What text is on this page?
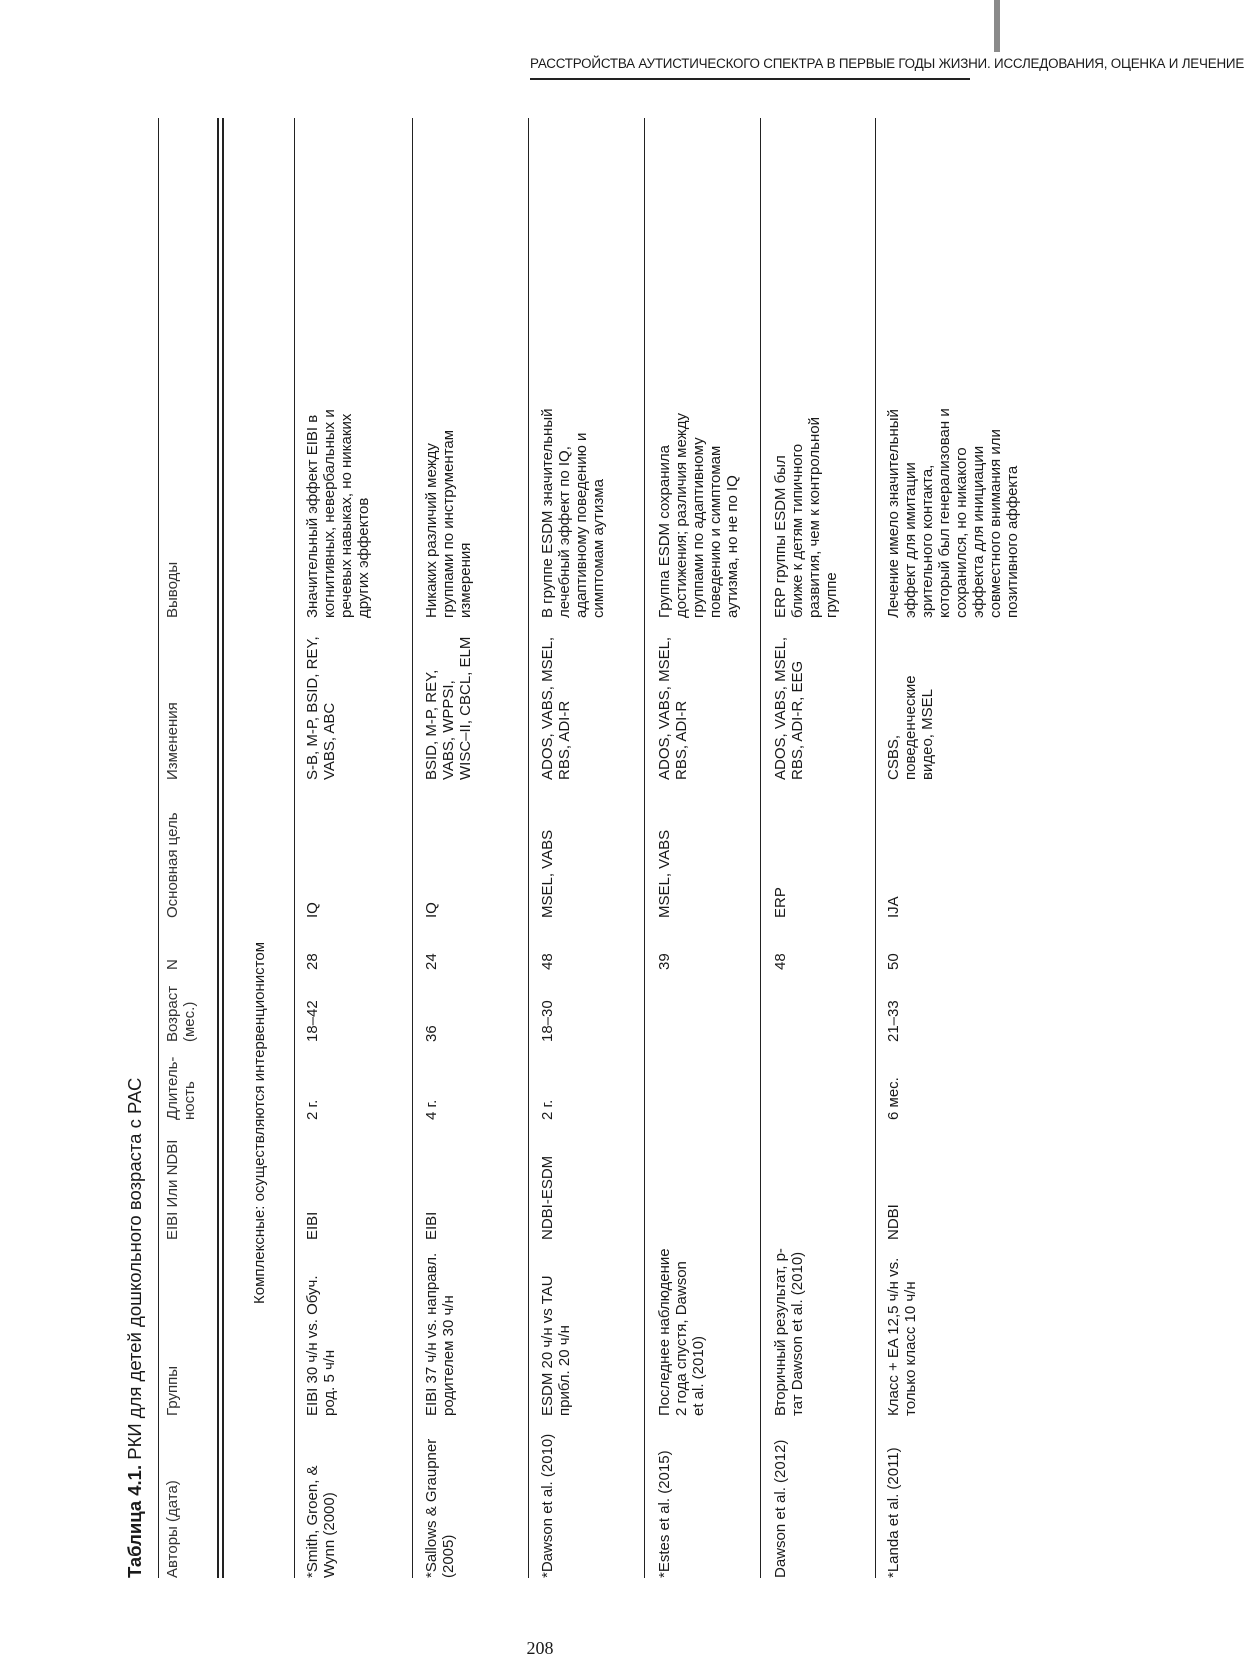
РАССТРОЙСТВА АУТИСТИЧЕСКОГО СПЕКТРА В ПЕРВЫЕ ГОДЫ ЖИЗНИ. ИССЛЕДОВАНИЯ, ОЦЕНКА И ЛЕЧЕНИЕ
Таблица 4.1. РКИ для детей дошкольного возраста с РАС
Авторы (дата)
Группы
EIBI Или NDBI
Длитель-ность
Возраст (мес.)
N
Основная цель
Изменения
Выводы
Комплексные: осуществляются интервенционистом
*Smith, Groen, & Wynn (2000)
EIBI 30 ч/н vs. Обуч. род. 5 ч/н
EIBI
2 г.
18–42
28
IQ
S-B, M-P, BSID, REY, VABS, ABC
Значительный эффект EIBI в когнитивных, невербальных и речевых навыках, но никаких других эффектов
*Sallows & Graupner (2005)
EIBI 37 ч/н vs. направл. родителем 30 ч/н
EIBI
4 г.
36
24
IQ
BSID, M-P, REY, VABS, WPPSI, WISC–II, CBCL, ELM
Никаких различий между группами по инструментам измерения
*Dawson et al. (2010)
ESDM 20 ч/н vs TAU прибл. 20 ч/н
NDBI-ESDM
2 г.
18–30
48
MSEL, VABS
ADOS, VABS, MSEL, RBS, ADI-R
В группе ESDM значительный лечебный эффект по IQ, адаптивному поведению и симптомам аутизма
*Estes et al. (2015)
Последнее наблюдение 2 года спустя, Dawson et al. (2010)
39
MSEL, VABS
ADOS, VABS, MSEL, RBS, ADI-R
Группа ESDM сохранила достижения; различия между группами по адаптивному поведению и симптомам аутизма, но не по IQ
Dawson et al. (2012)
Вторичный результат, р-тат Dawson et al. (2010)
48
ERP
ADOS, VABS, MSEL, RBS, ADI-R, EEG
ERP группы ESDM был ближе к детям типичного развития, чем к контрольной группе
*Landa et al. (2011)
Класс + EA 12,5 ч/н vs. только класс 10 ч/н
NDBI
6 мес.
21–33
50
IJA
CSBS, поведенческие видео, MSEL
Лечение имело значительный эффект для имитации зрительного контакта, который был генерализован и сохранился, но никакого эффекта для инициации совместного внимания или позитивного аффекта
208
